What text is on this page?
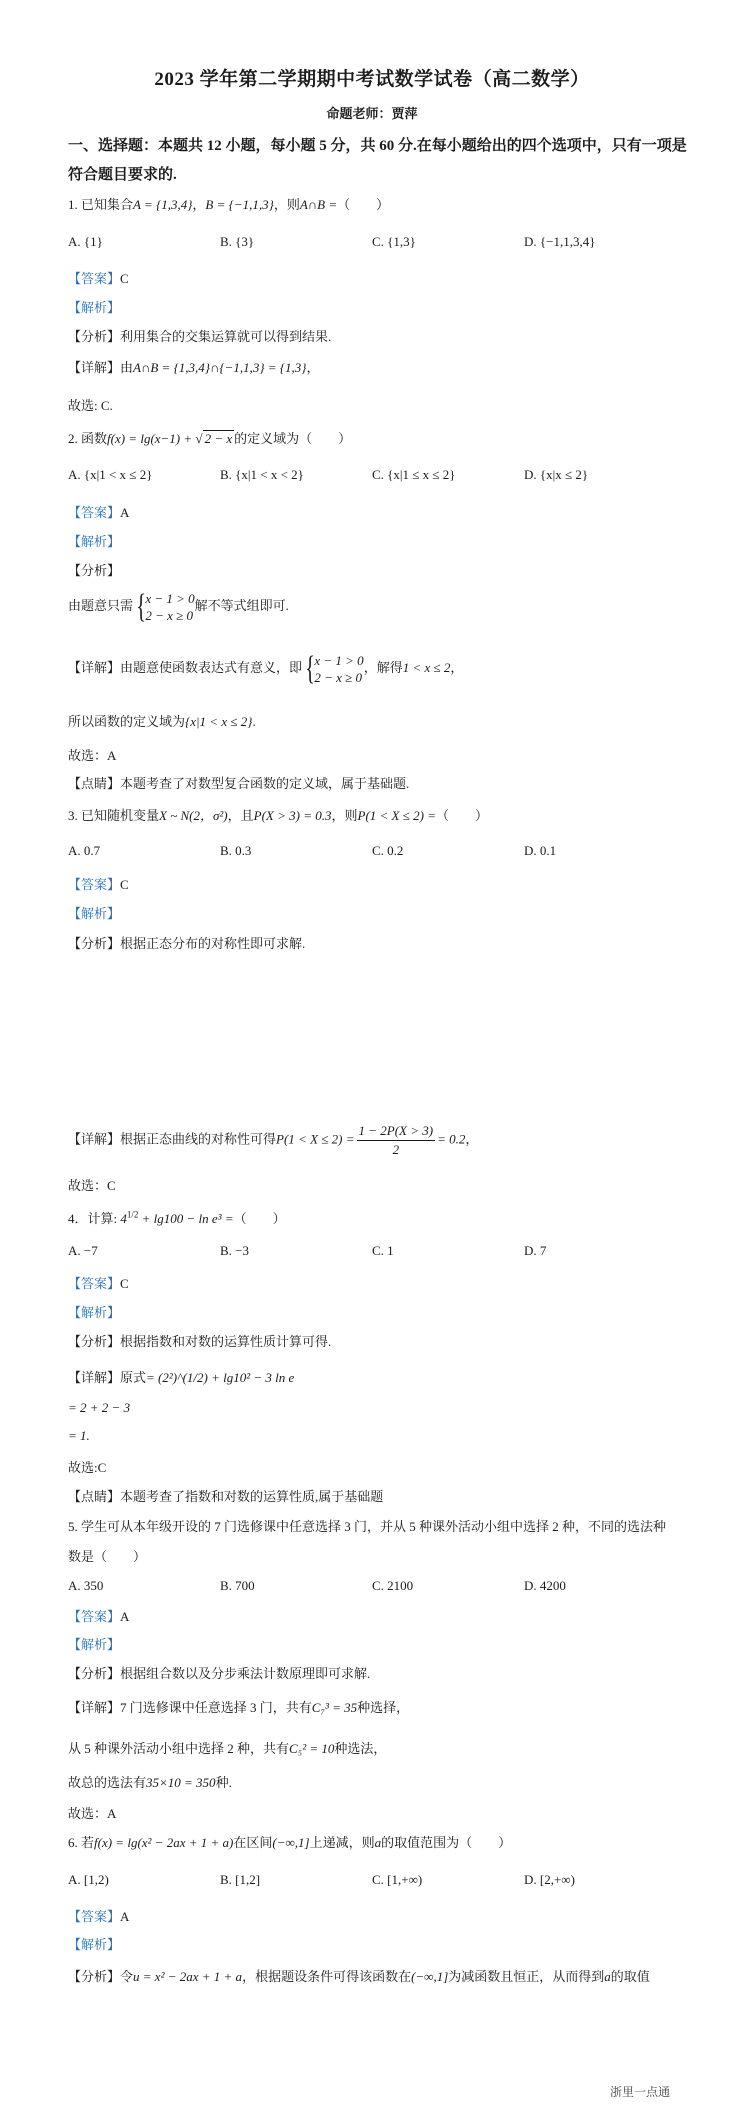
2023 学年第二学期期中考试数学试卷（高二数学）
命题老师：贾萍
一、选择题：本题共 12 小题，每小题 5 分，共 60 分.在每小题给出的四个选项中，只有一项是符合题目要求的.
1. 已知集合A = {1,3,4}，B = {−1,1,3}，则A∩B =（　　）
A. {1}	B. {3}	C. {1,3}	D. {−1,1,3,4}
【答案】C
【解析】
【分析】利用集合的交集运算就可以得到结果.
【详解】由A∩B = {1,3,4}∩{−1,1,3} = {1,3}，
故选: C.
2. 函数f(x) = lg(x−1) + √ 2 − x 的定义域为（　　）
A. {x|1 < x ≤ 2}	B. {x|1 < x < 2}	C. {x|1 ≤ x ≤ 2}	D. {x|x ≤ 2}
【答案】A
【解析】
【分析】
由题意只需{x − 1 > 0
2 − x ≥ 0解不等式组即可.
【详解】由题意使函数表达式有意义，即{x − 1 > 0
2 − x ≥ 0，解得1 < x ≤ 2，
所以函数的定义域为{x|1 < x ≤ 2}.
故选：A
【点睛】本题考查了对数型复合函数的定义域，属于基础题.
3. 已知随机变量X ~ N(2，σ²)，且P(X > 3) = 0.3，则P(1 < X ≤ 2) =（　　）
A. 0.7	B. 0.3	C. 0.2	D. 0.1
【答案】C
【解析】
【分析】根据正态分布的对称性即可求解.
【详解】根据正态曲线的对称性可得$P(1 < X \le 2) = \frac{1 - 2P(X > 3)}{2} = 0.2$，
故选：C
4．计算: $4^{1/2} + \lg 100 - \ln e^3$ =（　　）
A. −7	B. −3	C. 1	D. 7
【答案】C
【解析】
【分析】根据指数和对数的运算性质计算可得.
【详解】原式= (2²)^(1/2) + lg10² − 3 ln e
= 2 + 2 − 3
= 1.
故选:C
【点睛】本题考查了指数和对数的运算性质,属于基础题
5. 学生可从本年级开设的 7 门选修课中任意选择 3 门，并从 5 种课外活动小组中选择 2 种，不同的选法种
数是（　　）
A. 350	B. 700	C. 2100	D. 4200
【答案】A
【解析】
【分析】根据组合数以及分步乘法计数原理即可求解.
【详解】7 门选修课中任意选择 3 门，共有C₇³ = 35种选择，
从 5 种课外活动小组中选择 2 种，共有C₅² = 10种选法，
故总的选法有35×10 = 350种.
故选：A
6. 若f(x) = lg(x² − 2ax + 1 + a)在区间(−∞,1]上递减，则a的取值范围为（　　）
A. [1,2)	B. [1,2]	C. [1,+∞)	D. [2,+∞)
【答案】A
【解析】
【分析】令u = x² − 2ax + 1 + a，根据题设条件可得该函数在(−∞,1]为减函数且恒正，从而得到a的取值
浙里一点通
